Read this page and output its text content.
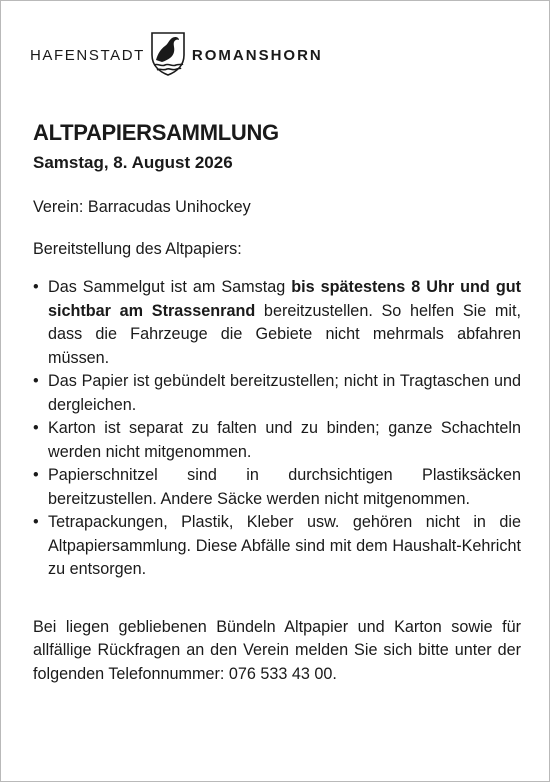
HAFENSTADT	ROMANSHORN
ALTPAPIERSAMMLUNG

Samstag, 8. August 2026

Verein: Barracudas Unihockey

Bereitstellung des Altpapiers:

• Das Sammelgut ist am Samstag bis spätestens 8 Uhr und gut sichtbar am Strassenrand bereitzustellen. So helfen Sie mit, dass die Fahrzeuge die Gebiete nicht mehrmals abfahren müssen.
• Das Papier ist gebündelt bereitzustellen; nicht in Tragtaschen und dergleichen.
• Karton ist separat zu falten und zu binden; ganze Schachteln werden nicht mitgenommen.
• Papierschnitzel sind in durchsichtigen Plastiksäcken bereitzustellen. Andere Säcke werden nicht mitgenommen.
• Tetrapackungen, Plastik, Kleber usw. gehören nicht in die Altpapiersammlung. Diese Abfälle sind mit dem Haushalt-Kehricht zu entsorgen.

Bei liegen gebliebenen Bündeln Altpapier und Karton sowie für allfällige Rückfragen an den Verein melden Sie sich bitte unter der folgenden Telefonnummer: 076 533 43 00.
